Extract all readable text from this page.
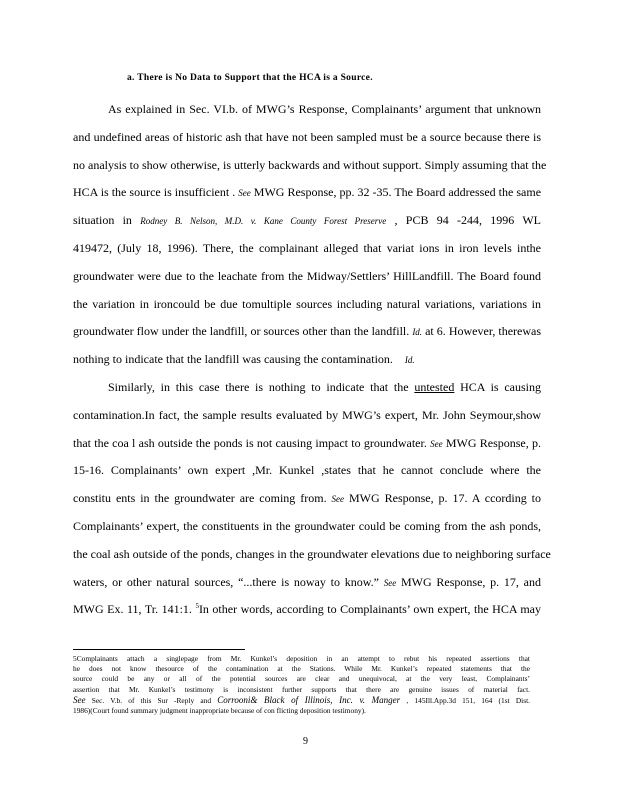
a. There is No Data to Support that the HCA is a Source.
As explained in Sec. VI.b. of MWG’s Response, Complainants’ argument that unknown
and undefined areas of historic ash that have not been sampled must be a source because there is
no analysis to show otherwise, is utterly backwards and without support. Simply assuming that the
HCA is the source is insufficient . See MWG Response, pp. 32 -35. The Board addressed the same
situation in Rodney B. Nelson, M.D. v. Kane County Forest Preserve , PCB 94 -244, 1996 WL
419472, (July 18, 1996). There, the complainant alleged that variat ions in iron levels inthe
groundwater were due to the leachate from the Midway/Settlers’ HillLandfill. The Board found
the variation in ironcould be due tomultiple sources including natural variations, variations in
groundwater flow under the landfill, or sources other than the landfill. Id. at 6. However, therewas
nothing to indicate that the landfill was causing the contamination. Id.
Similarly, in this case there is nothing to indicate that the untested HCA is causing
contamination.In fact, the sample results evaluated by MWG’s expert, Mr. John Seymour,show
that the coa l ash outside the ponds is not causing impact to groundwater. See MWG Response, p.
15-16. Complainants’ own expert ,Mr. Kunkel ,states that he cannot conclude where the
constitu ents in the groundwater are coming from. See MWG Response, p. 17. A ccording to
Complainants’ expert, the constituents in the groundwater could be coming from the ash ponds,
the coal ash outside of the ponds, changes in the groundwater elevations due to neighboring surface
waters, or other natural sources, “...there is noway to know.” See MWG Response, p. 17, and
MWG Ex. 11, Tr. 141:1. $^5$In other words, according to Complainants’ own expert, the HCA may
5Complainants attach a singlepage from Mr. Kunkel’s deposition in an attempt to rebut his repeated assertions that
he does not know thesource of the contamination at the Stations. While Mr. Kunkel’s repeated statements that the
source could be any or all of the potential sources are clear and unequivocal, at the very least, Complainants’
assertion that Mr. Kunkel’s testimony is inconsistent further supports that there are genuine issues of material fact.
See Sec. V.b. of this Sur -Reply and Corrooni& Black of Illinois, Inc. v. Manger , 145Ill.App.3d 151, 164 (1st Dist.
1986)(Court found summary judgment inappropriate because of con flicting deposition testimony).
9
